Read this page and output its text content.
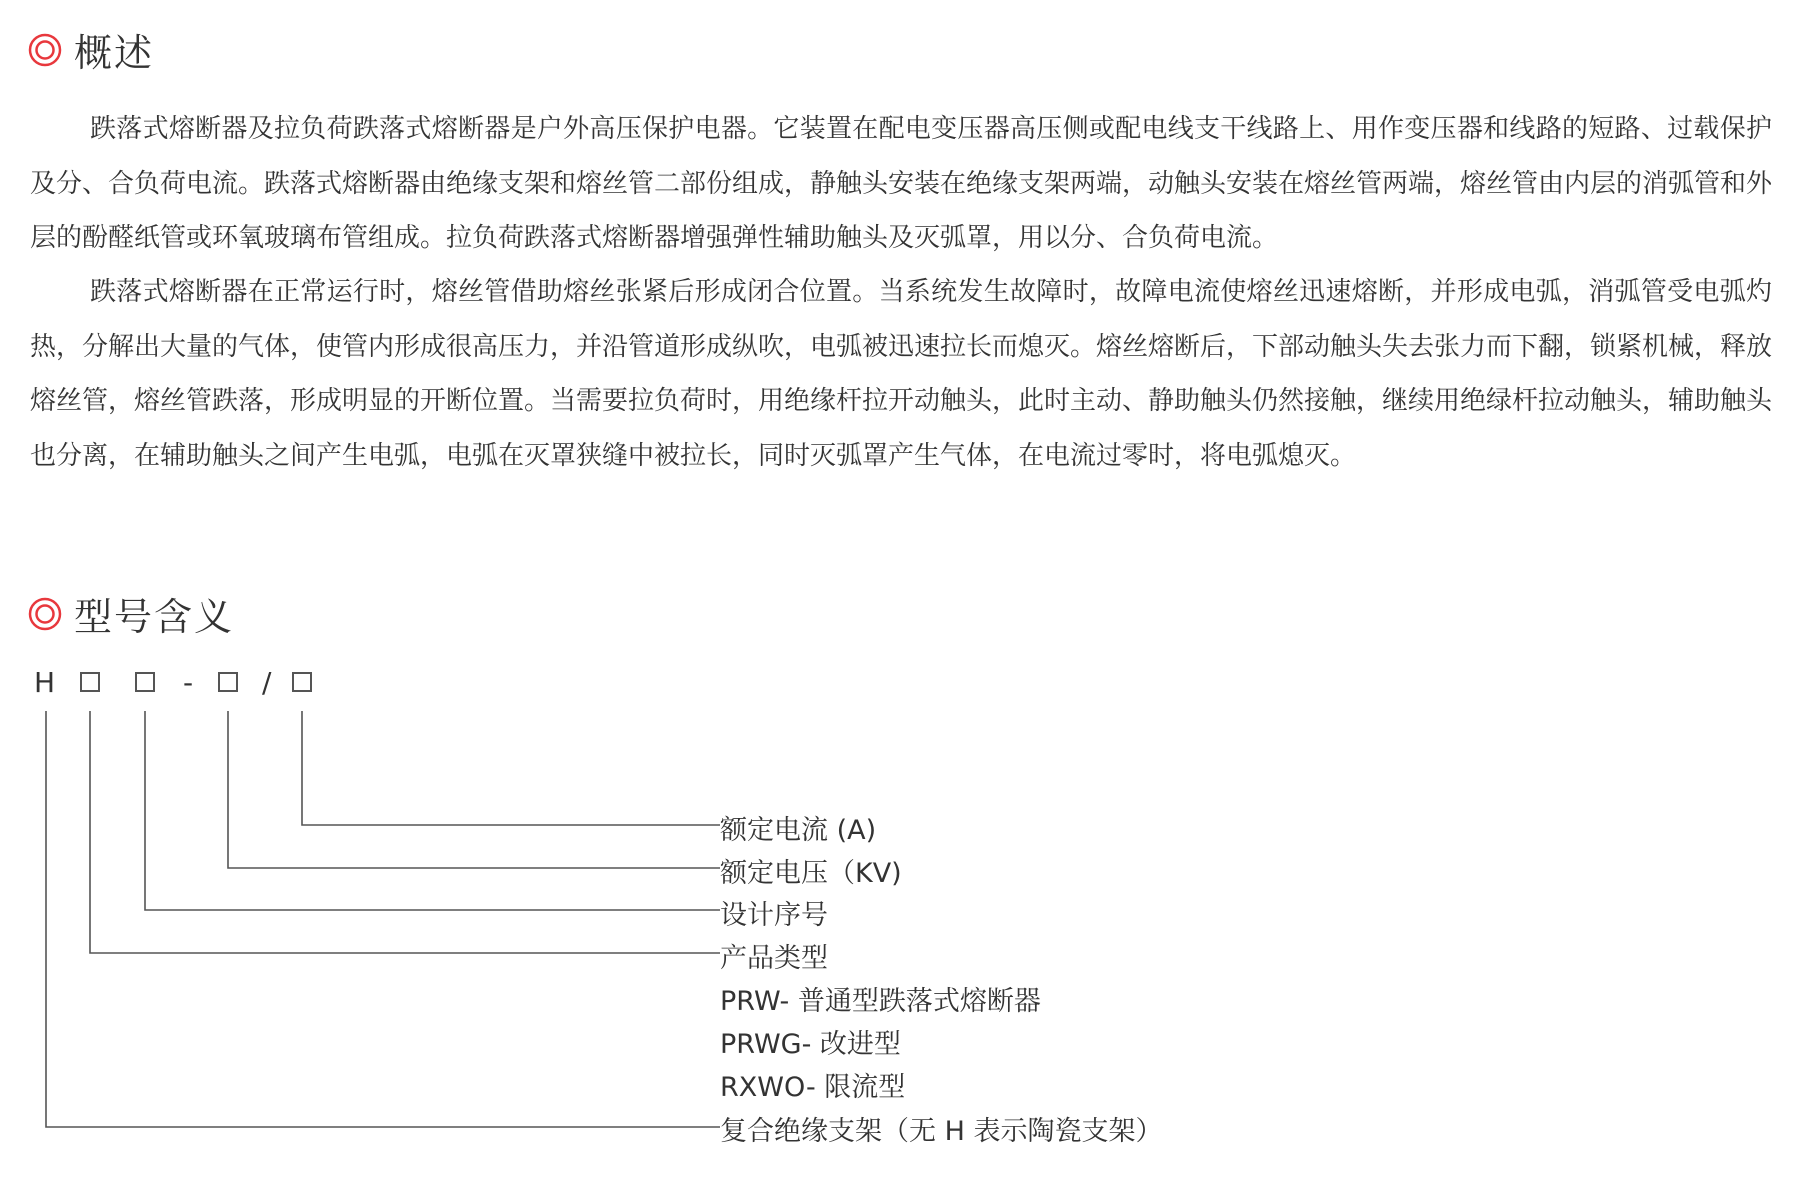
概述

跌落式熔断器及拉负荷跌落式熔断器是户外高压保护电器。它装置在配电变压器高压侧或配电线支干线路上、用作变压器和线路的短路、过载保护及分、合负荷电流。跌落式熔断器由绝缘支架和熔丝管二部份组成，静触头安装在绝缘支架两端，动触头安装在熔丝管两端，熔丝管由内层的消弧管和外层的酚醛纸管或环氧玻璃布管组成。拉负荷跌落式熔断器增强弹性辅助触头及灭弧罩，用以分、合负荷电流。

跌落式熔断器在正常运行时，熔丝管借助熔丝张紧后形成闭合位置。当系统发生故障时，故障电流使熔丝迅速熔断，并形成电弧，消弧管受电弧灼热，分解出大量的气体，使管内形成很高压力，并沿管道形成纵吹，电弧被迅速拉长而熄灭。熔丝熔断后，下部动触头失去张力而下翻，锁紧机械，释放熔丝管，熔丝管跌落，形成明显的开断位置。当需要拉负荷时，用绝缘杆拉开动触头，此时主动、静助触头仍然接触，继续用绝绿杆拉动触头，辅助触头也分离，在辅助触头之间产生电弧，电弧在灭罩狭缝中被拉长，同时灭弧罩产生气体，在电流过零时，将电弧熄灭。

型号含义
H	- /
额定电流 (A)
额定电压（KV)
设计序号
产品类型
PRW- 普通型跌落式熔断器
PRWG- 改进型
RXWO- 限流型
复合绝缘支架（无 H 表示陶瓷支架）
